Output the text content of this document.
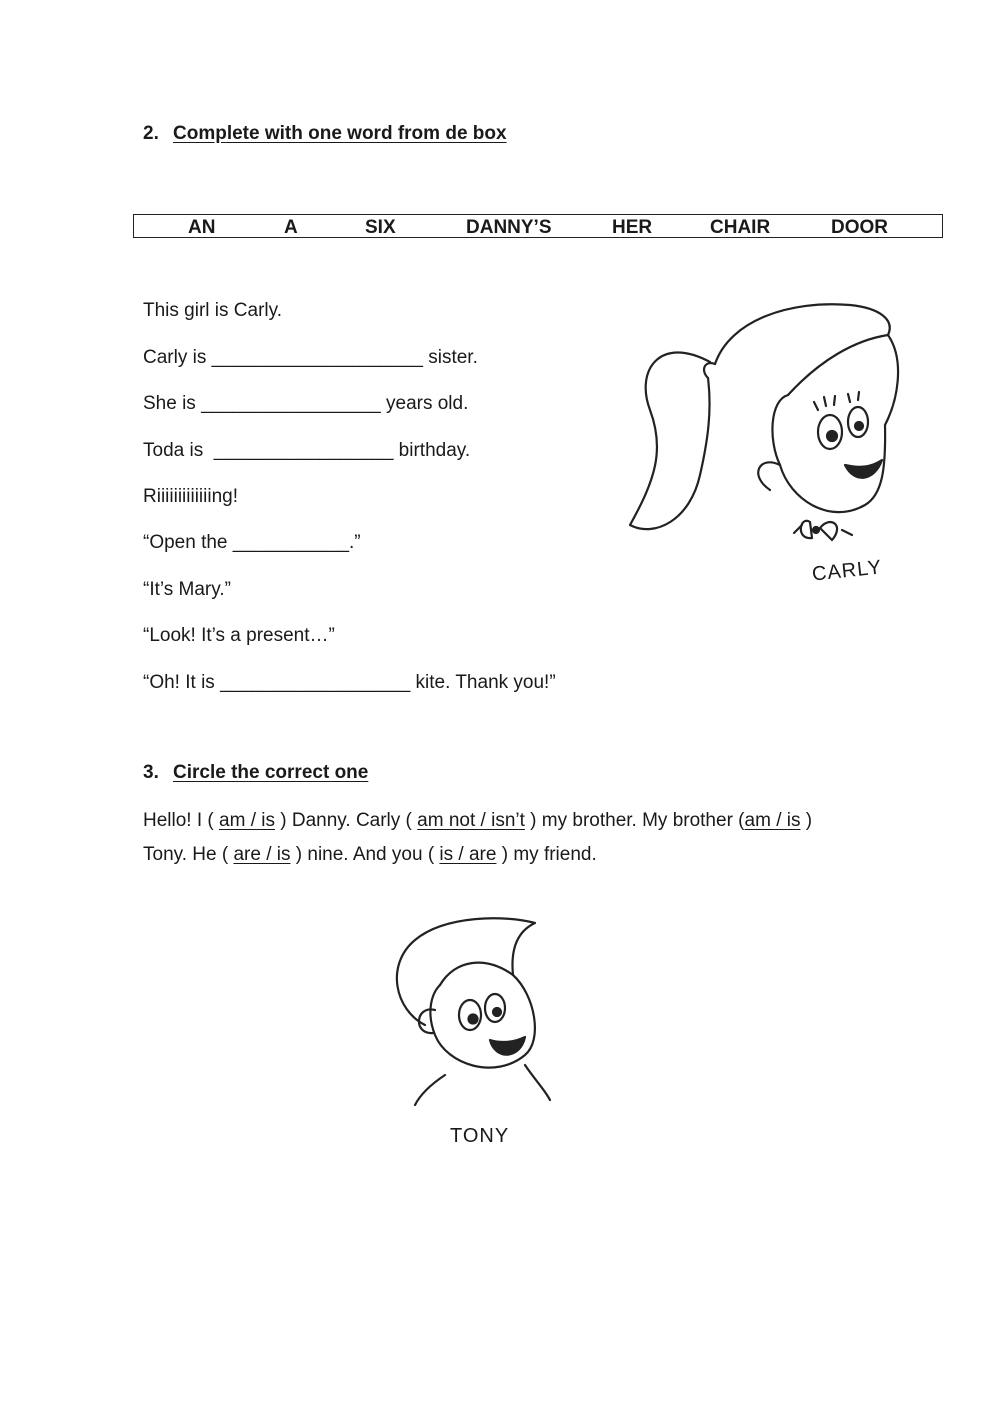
2. Complete with one word from de box
AN	A	SIX	DANNY’S	HER	CHAIR	DOOR
This girl is Carly.
Carly is ____________________ sister.
She is _________________ years old.
Toda is  _________________ birthday.
Riiiiiiiiiiiiing!
“Open the ___________.”
“It’s Mary.”
“Look! It’s a present…”
“Oh! It is __________________ kite. Thank you!”
CARLY
3. Circle the correct one
Hello! I ( am / is ) Danny. Carly ( am not / isn’t ) my brother. My brother (am / is )
Tony. He ( are / is ) nine. And you ( is / are ) my friend.
TONY
